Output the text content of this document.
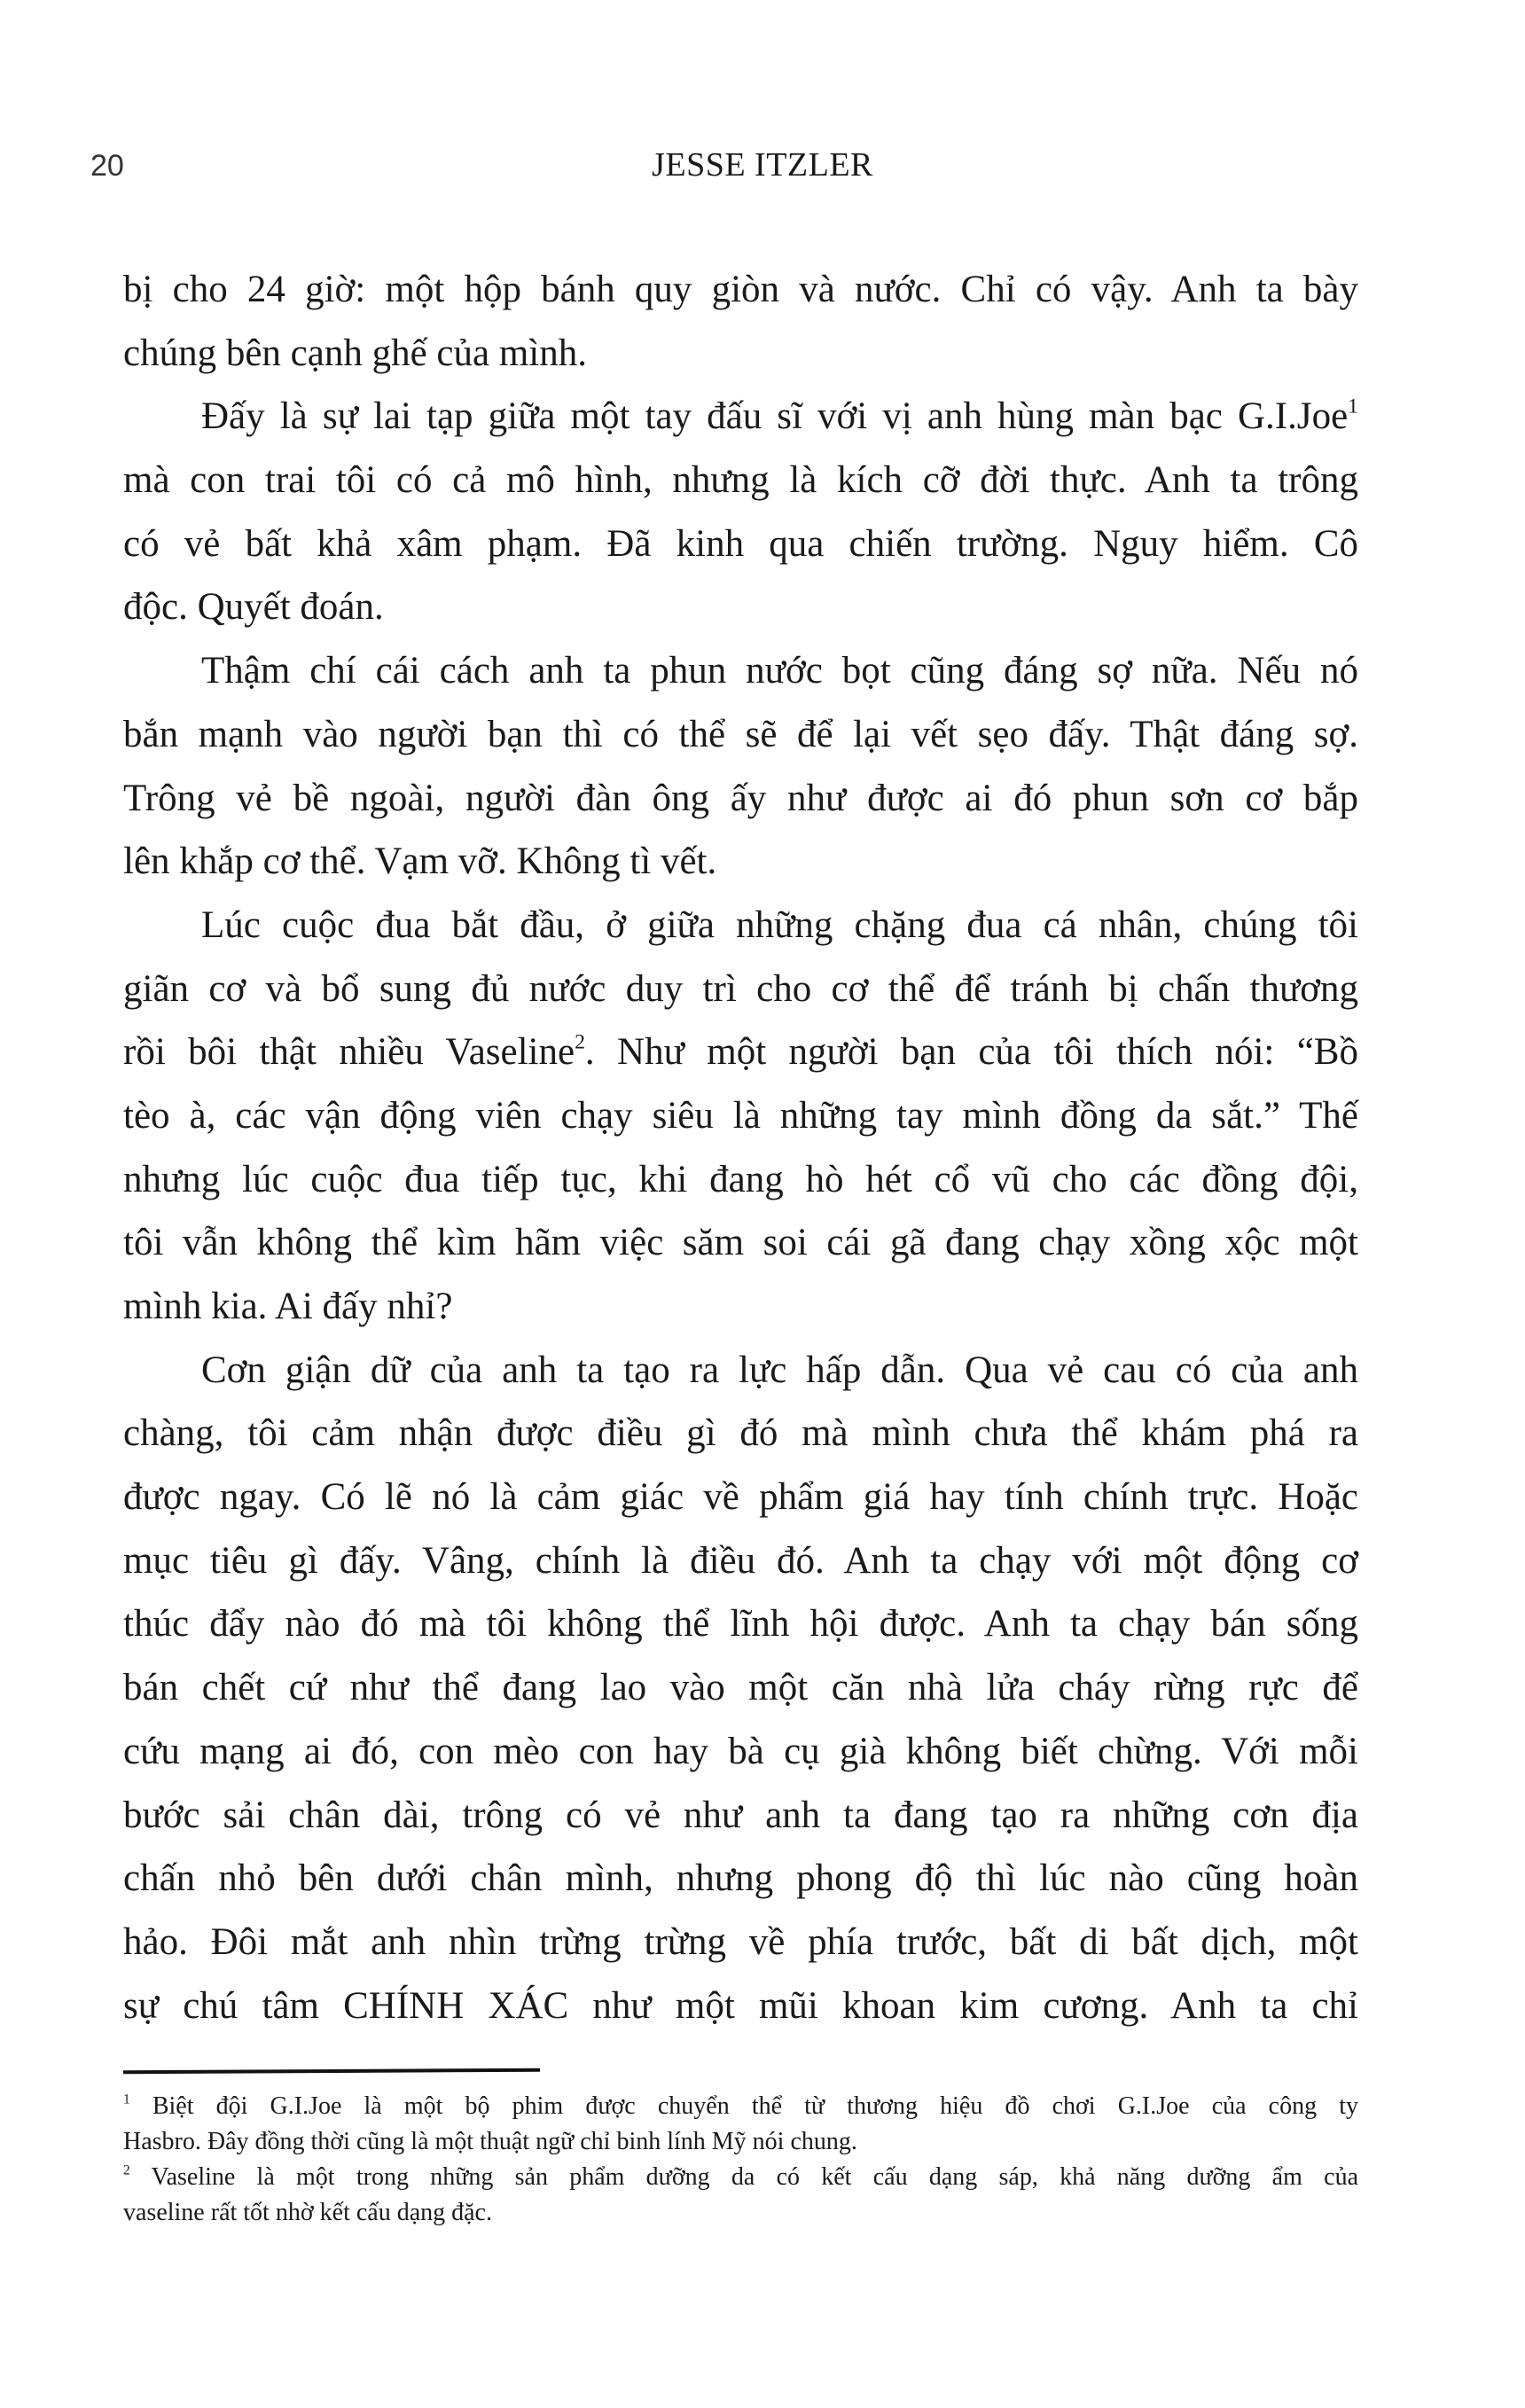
20	JESSE ITZLER
bị cho 24 giờ: một hộp bánh quy giòn và nước. Chỉ có vậy. Anh ta bày
chúng bên cạnh ghế của mình.
Đấy là sự lai tạp giữa một tay đấu sĩ với vị anh hùng màn bạc G.I.Joe$^1$
mà con trai tôi có cả mô hình, nhưng là kích cỡ đời thực. Anh ta trông
có vẻ bất khả xâm phạm. Đã kinh qua chiến trường. Nguy hiểm. Cô
độc. Quyết đoán.
Thậm chí cái cách anh ta phun nước bọt cũng đáng sợ nữa. Nếu nó
bắn mạnh vào người bạn thì có thể sẽ để lại vết sẹo đấy. Thật đáng sợ.
Trông vẻ bề ngoài, người đàn ông ấy như được ai đó phun sơn cơ bắp
lên khắp cơ thể. Vạm vỡ. Không tì vết.
Lúc cuộc đua bắt đầu, ở giữa những chặng đua cá nhân, chúng tôi
giãn cơ và bổ sung đủ nước duy trì cho cơ thể để tránh bị chấn thương
rồi bôi thật nhiều Vaseline$^2$. Như một người bạn của tôi thích nói: “Bồ
tèo à, các vận động viên chạy siêu là những tay mình đồng da sắt.” Thế
nhưng lúc cuộc đua tiếp tục, khi đang hò hét cổ vũ cho các đồng đội,
tôi vẫn không thể kìm hãm việc săm soi cái gã đang chạy xồng xộc một
mình kia. Ai đấy nhỉ?
Cơn giận dữ của anh ta tạo ra lực hấp dẫn. Qua vẻ cau có của anh
chàng, tôi cảm nhận được điều gì đó mà mình chưa thể khám phá ra
được ngay. Có lẽ nó là cảm giác về phẩm giá hay tính chính trực. Hoặc
mục tiêu gì đấy. Vâng, chính là điều đó. Anh ta chạy với một động cơ
thúc đẩy nào đó mà tôi không thể lĩnh hội được. Anh ta chạy bán sống
bán chết cứ như thể đang lao vào một căn nhà lửa cháy rừng rực để
cứu mạng ai đó, con mèo con hay bà cụ già không biết chừng. Với mỗi
bước sải chân dài, trông có vẻ như anh ta đang tạo ra những cơn địa
chấn nhỏ bên dưới chân mình, nhưng phong độ thì lúc nào cũng hoàn
hảo. Đôi mắt anh nhìn trừng trừng về phía trước, bất di bất dịch, một
sự chú tâm CHÍNH XÁC như một mũi khoan kim cương. Anh ta chỉ
$^1$ Biệt đội G.I.Joe là một bộ phim được chuyển thể từ thương hiệu đồ chơi G.I.Joe của công ty
Hasbro. Đây đồng thời cũng là một thuật ngữ chỉ binh lính Mỹ nói chung.
$^2$ Vaseline là một trong những sản phẩm dưỡng da có kết cấu dạng sáp, khả năng dưỡng ẩm của
vaseline rất tốt nhờ kết cấu dạng đặc.
